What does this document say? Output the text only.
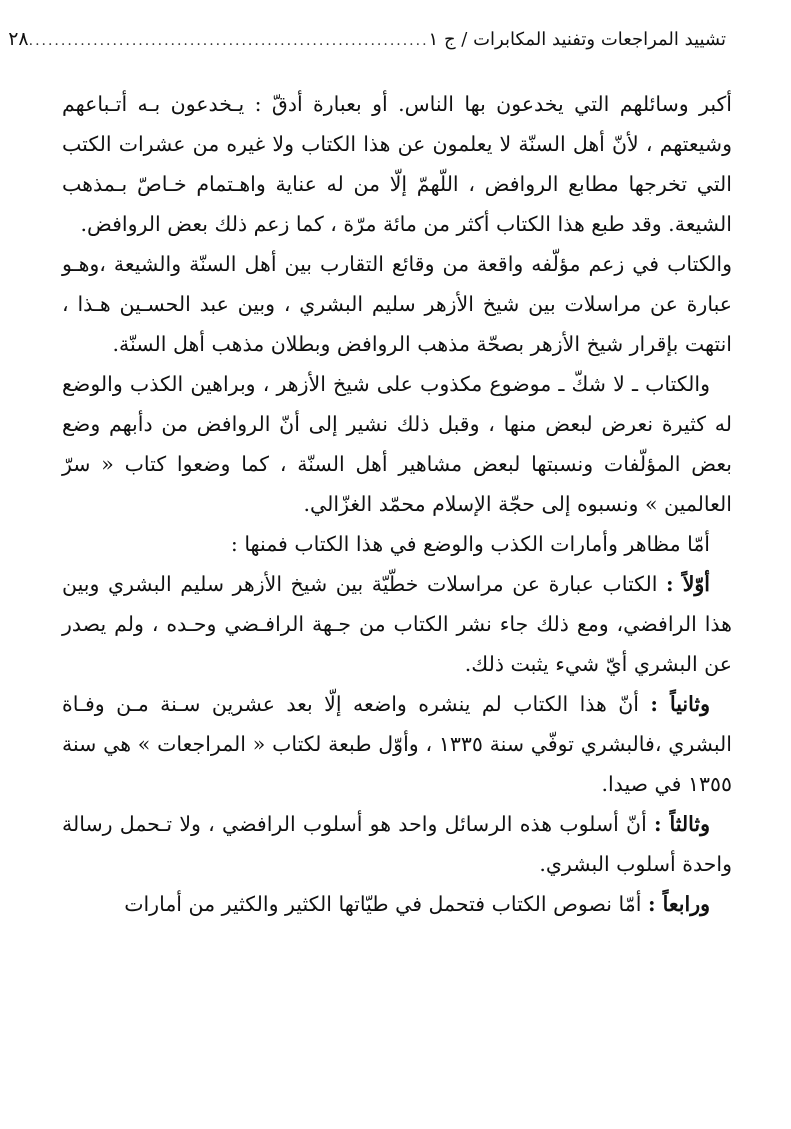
تشييد المراجعات وتفنيد المكابرات / ج ١
..............................................................
٢٨

أكبر وسائلهم التي يخدعون بها الناس. أو بعبارة أدقّ : يـخدعون بـه أتـباعهم وشيعتهم ، لأنّ أهل السنّة لا يعلمون عن هذا الكتاب ولا غيره من عشرات الكتب التي تخرجها مطابع الروافض ، اللّهمّ إلّا من له عناية واهـتمام خـاصّ بـمذهب الشيعة. وقد طبع هذا الكتاب أكثر من مائة مرّة ، كما زعم ذلك بعض الروافض.

والكتاب في زعم مؤلّفه واقعة من وقائع التقارب بين أهل السنّة والشيعة ،وهـو عبارة عن مراسلات بين شيخ الأزهر سليم البشري ، وبين عبد الحسـين هـذا ، انتهت بإقرار شيخ الأزهر بصحّة مذهب الروافض وبطلان مذهب أهل السنّة.

والكتاب ـ لا شكّ ـ موضوع مكذوب على شيخ الأزهر ، وبراهين الكذب والوضع له كثيرة نعرض لبعض منها ، وقبل ذلك نشير إلى أنّ الروافض من دأبهم وضع بعض المؤلّفات ونسبتها لبعض مشاهير أهل السنّة ، كما وضعوا كتاب « سرّ العالمين » ونسبوه إلى حجّة الإسلام محمّد الغزّالي.

أمّا مظاهر وأمارات الكذب والوضع في هذا الكتاب فمنها :

أوّلاً : الكتاب عبارة عن مراسلات خطّيّة بين شيخ الأزهر سليم البشري وبين هذا الرافضي، ومع ذلك جاء نشر الكتاب من جـهة الرافـضي وحـده ، ولم يصدر عن البشري أيّ شيء يثبت ذلك.

وثانياً : أنّ هذا الكتاب لم ينشره واضعه إلّا بعد عشرين سـنة مـن وفـاة البشري ،فالبشري توفّي سنة ١٣٣٥ ، وأوّل طبعة لكتاب « المراجعات » هي سنة ١٣٥٥ في صيدا.

وثالثاً : أنّ أسلوب هذه الرسائل واحد هو أسلوب الرافضي ، ولا تـحمل رسالة واحدة أسلوب البشري.

ورابعاً : أمّا نصوص الكتاب فتحمل في طيّاتها الكثير والكثير من أمارات
